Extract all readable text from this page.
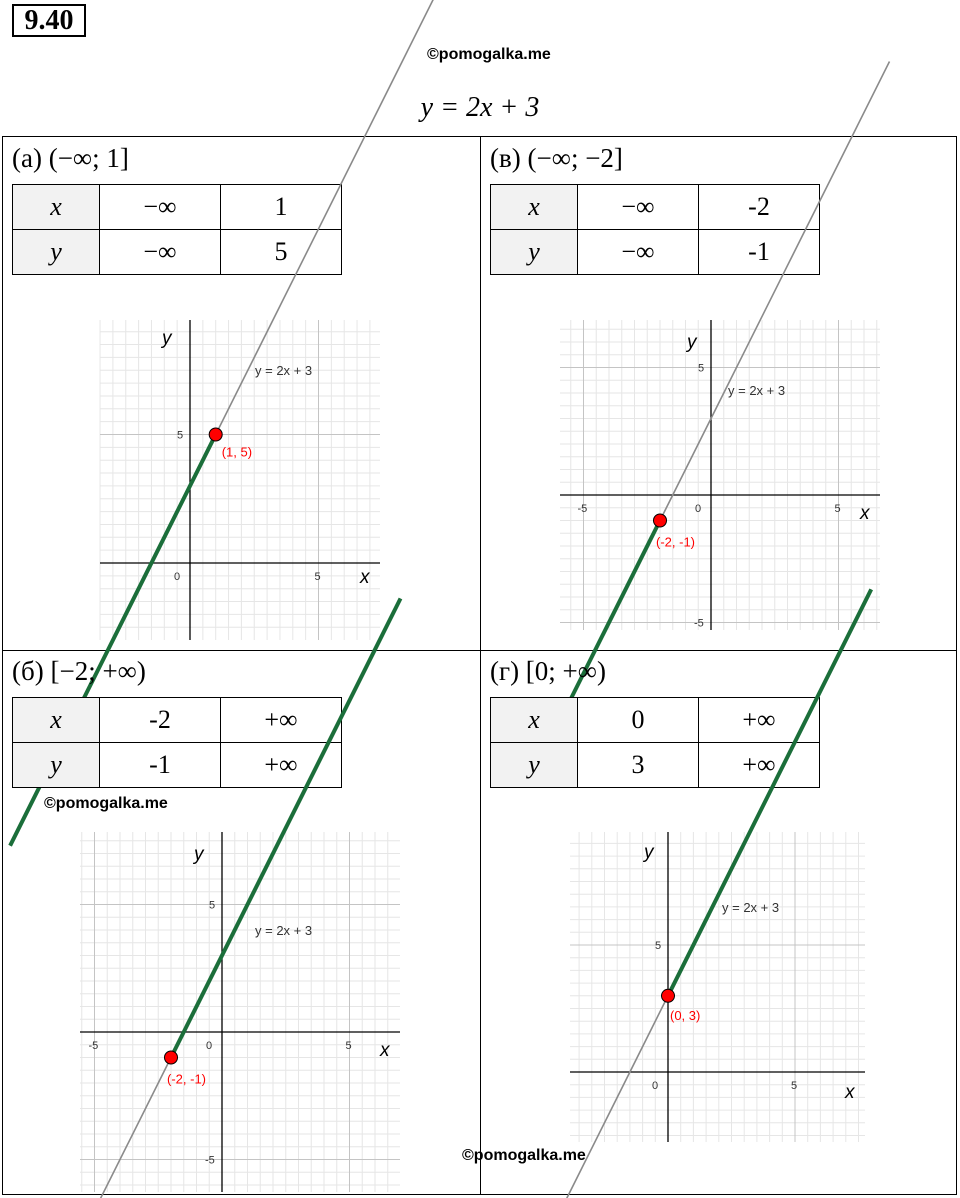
9.40
©pomogalka.me
y = 2x + 3
(а) (−∞; 1]
x	−∞	1
y	−∞	5
0	5
5
y
x
y = 2x + 3
(1, 5)
(в) (−∞; −2]
x	−∞	-2
y	−∞	-1
0	5
-5
5
-5
y
x
y = 2x + 3
(-2, -1)
(б) [−2; +∞)
x	-2	+∞
y	-1	+∞
©pomogalka.me
0	5
-5
5
-5
y
x
y = 2x + 3
(-2, -1)
(г) [0; +∞)
x	0	+∞
y	3	+∞
0	5
5
y
x
y = 2x + 3
(0, 3)
©pomogalka.me
